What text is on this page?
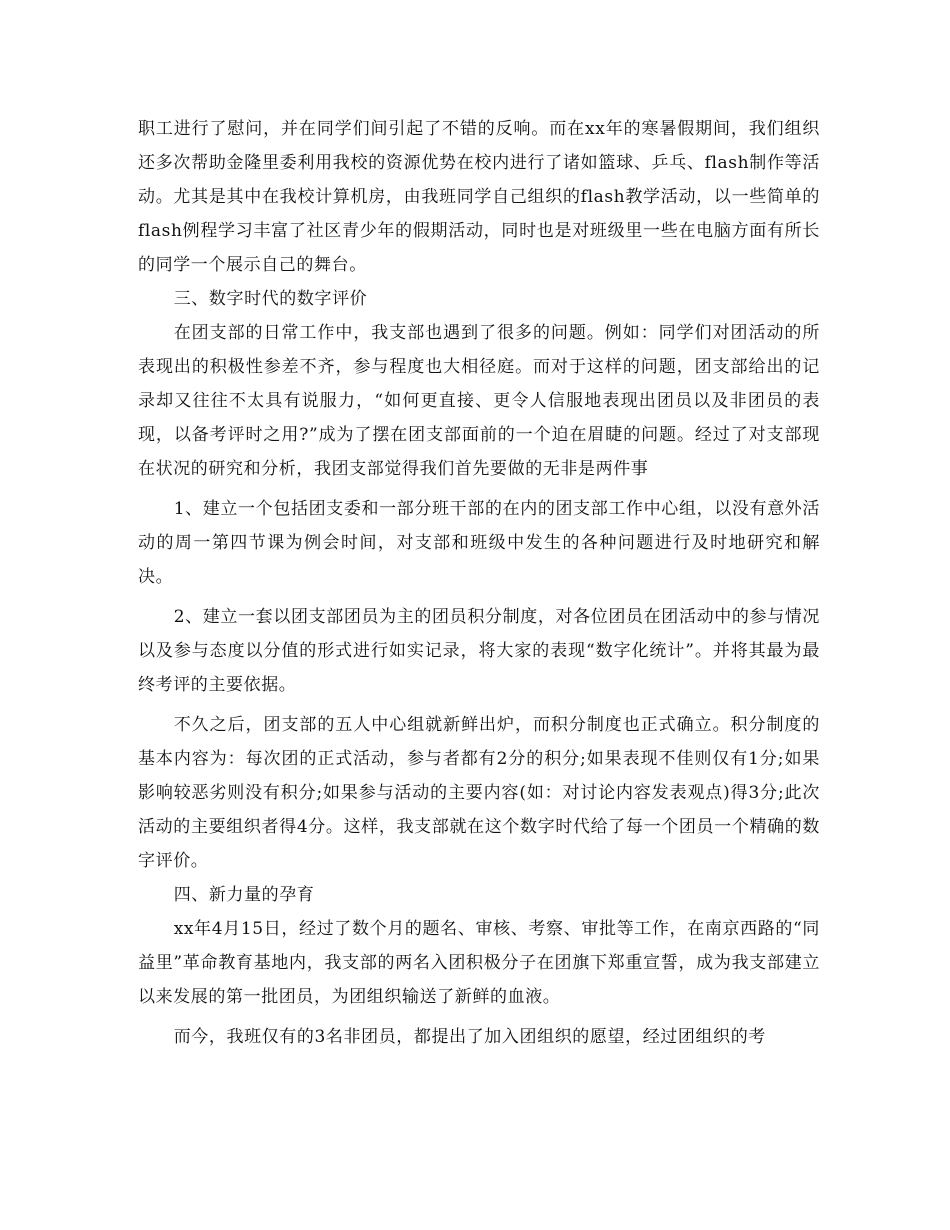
职工进行了慰问，并在同学们间引起了不错的反响。而在xx年的寒暑假期间，我们组织还多次帮助金隆里委利用我校的资源优势在校内进行了诸如篮球、乒乓、flash制作等活动。尤其是其中在我校计算机房，由我班同学自己组织的flash教学活动，以一些简单的flash例程学习丰富了社区青少年的假期活动，同时也是对班级里一些在电脑方面有所长的同学一个展示自己的舞台。

三、数字时代的数字评价

在团支部的日常工作中，我支部也遇到了很多的问题。例如：同学们对团活动的所表现出的积极性参差不齐，参与程度也大相径庭。而对于这样的问题，团支部给出的记录却又往往不太具有说服力，“如何更直接、更令人信服地表现出团员以及非团员的表现，以备考评时之用?”成为了摆在团支部面前的一个迫在眉睫的问题。经过了对支部现在状况的研究和分析，我团支部觉得我们首先要做的无非是两件事

1、建立一个包括团支委和一部分班干部的在内的团支部工作中心组，以没有意外活动的周一第四节课为例会时间，对支部和班级中发生的各种问题进行及时地研究和解决。

2、建立一套以团支部团员为主的团员积分制度，对各位团员在团活动中的参与情况以及参与态度以分值的形式进行如实记录，将大家的表现“数字化统计”。并将其最为最终考评的主要依据。

不久之后，团支部的五人中心组就新鲜出炉，而积分制度也正式确立。积分制度的基本内容为：每次团的正式活动，参与者都有2分的积分;如果表现不佳则仅有1分;如果影响较恶劣则没有积分;如果参与活动的主要内容(如：对讨论内容发表观点)得3分;此次活动的主要组织者得4分。这样，我支部就在这个数字时代给了每一个团员一个精确的数字评价。

四、新力量的孕育

xx年4月15日，经过了数个月的题名、审核、考察、审批等工作，在南京西路的“同益里”革命教育基地内，我支部的两名入团积极分子在团旗下郑重宣誓，成为我支部建立以来发展的第一批团员，为团组织输送了新鲜的血液。

而今，我班仅有的3名非团员，都提出了加入团组织的愿望，经过团组织的考
